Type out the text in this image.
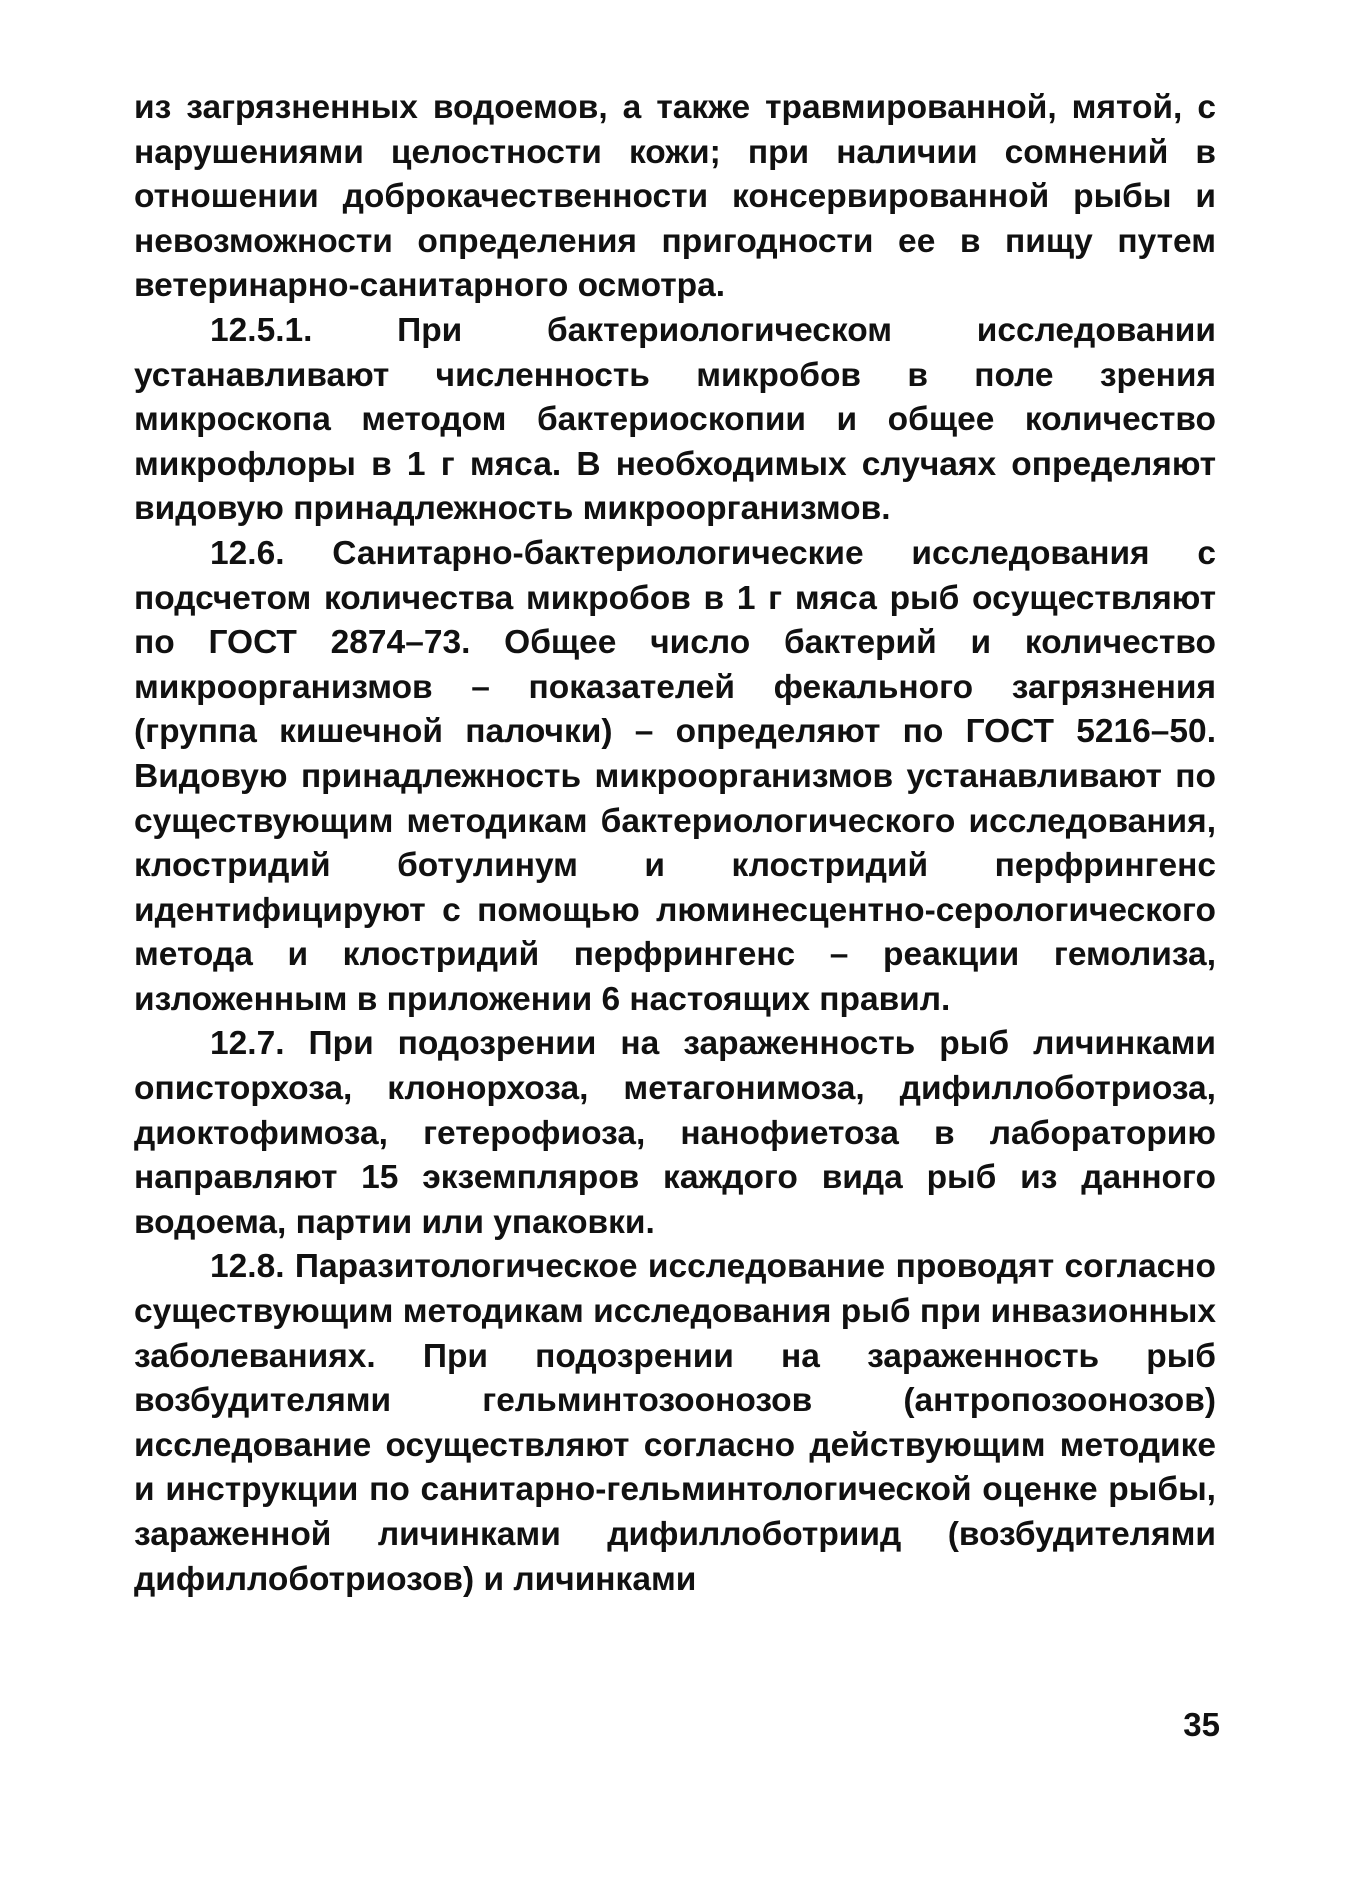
из загрязненных водоемов, а также травмированной, мятой, с нарушениями целостности кожи; при наличии сомнений в отношении доброкачественности консервированной рыбы и невозможности определения пригодности ее в пищу путем ветеринарно-санитарного осмотра.

12.5.1. При бактериологическом исследовании устанавливают численность микробов в поле зрения микроскопа методом бактериоскопии и общее количество микрофлоры в 1 г мяса. В необходимых случаях определяют видовую принадлежность микроорганизмов.

12.6. Санитарно-бактериологические исследования с подсчетом количества микробов в 1 г мяса рыб осуществляют по ГОСТ 2874–73. Общее число бактерий и количество микроорганизмов – показателей фекального загрязнения (группа кишечной палочки) – определяют по ГОСТ 5216–50. Видовую принадлежность микроорганизмов устанавливают по существующим методикам бактериологического исследования, клостридий ботулинум и клостридий перфрингенс идентифицируют с помощью люминесцентно-серологического метода и клостридий перфрингенс – реакции гемолиза, изложенным в приложении 6 настоящих правил.

12.7. При подозрении на зараженность рыб личинками описторхоза, клонорхоза, метагонимоза, дифиллоботриоза, диоктофимоза, гетерофиоза, нанофиетоза в лабораторию направляют 15 экземпляров каждого вида рыб из данного водоема, партии или упаковки.

12.8. Паразитологическое исследование проводят согласно существующим методикам исследования рыб при инвазионных заболеваниях. При подозрении на зараженность рыб возбудителями гельминтозоонозов (антропозоонозов) исследование осуществляют согласно действующим методике и инструкции по санитарно-гельминтологической оценке рыбы, зараженной личинками дифиллоботриид (возбудителями дифиллоботриозов) и личинками

35
